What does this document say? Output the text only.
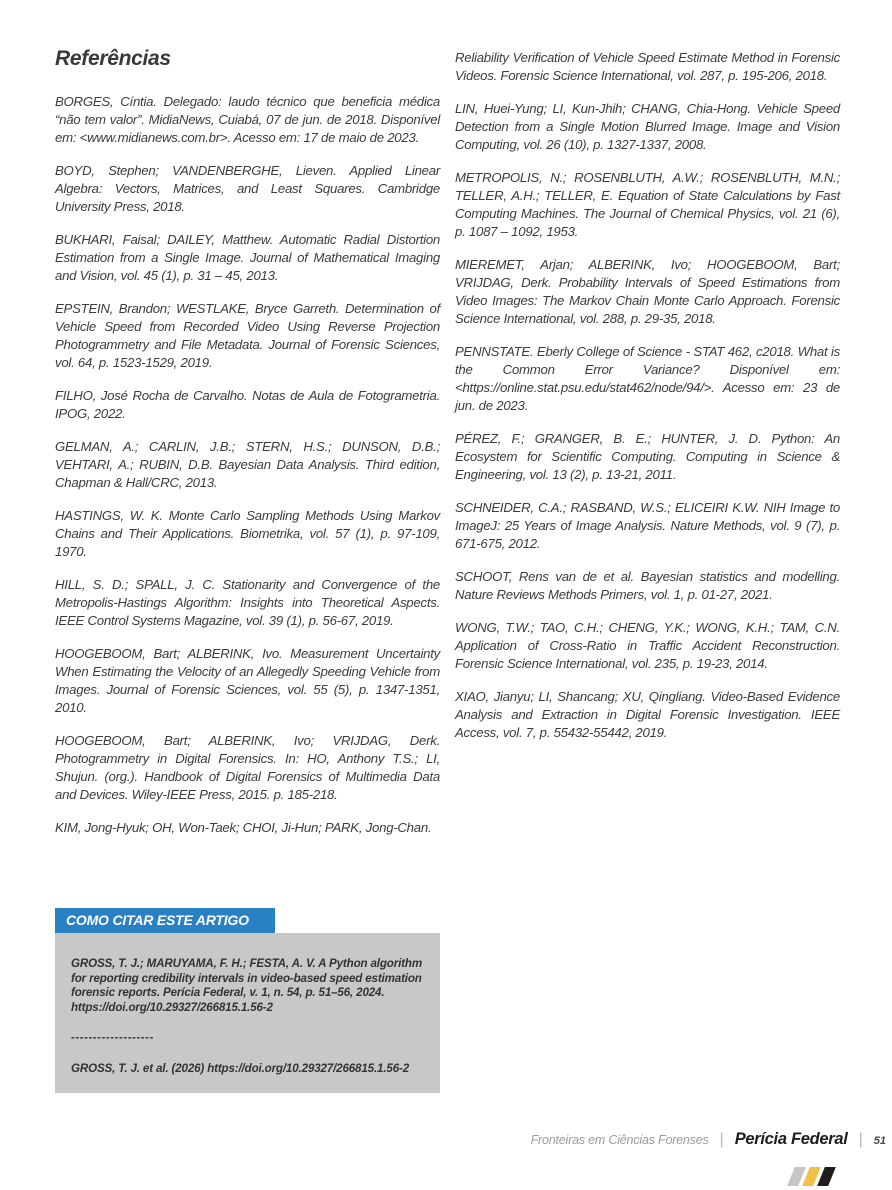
Referências

BORGES, Cíntia. Delegado: laudo técnico que beneficia médica “não tem valor”. MidiaNews, Cuiabá, 07 de jun. de 2018. Disponível em: <www.midianews.com.br>. Acesso em: 17 de maio de 2023.

BOYD, Stephen; VANDENBERGHE, Lieven. Applied Linear Algebra: Vectors, Matrices, and Least Squares. Cambridge University Press, 2018.

BUKHARI, Faisal; DAILEY, Matthew. Automatic Radial Distortion Estimation from a Single Image. Journal of Mathematical Imaging and Vision, vol. 45 (1), p. 31 – 45, 2013.

EPSTEIN, Brandon; WESTLAKE, Bryce Garreth. Determination of Vehicle Speed from Recorded Video Using Reverse Projection Photogrammetry and File Metadata. Journal of Forensic Sciences, vol. 64, p. 1523-1529, 2019.

FILHO, José Rocha de Carvalho. Notas de Aula de Fotogrametria. IPOG, 2022.

GELMAN, A.; CARLIN, J.B.; STERN, H.S.; DUNSON, D.B.; VEHTARI, A.; RUBIN, D.B. Bayesian Data Analysis. Third edition, Chapman & Hall/CRC, 2013.

HASTINGS, W. K. Monte Carlo Sampling Methods Using Markov Chains and Their Applications. Biometrika, vol. 57 (1), p. 97-109, 1970.

HILL, S. D.; SPALL, J. C. Stationarity and Convergence of the Metropolis-Hastings Algorithm: Insights into Theoretical Aspects. IEEE Control Systems Magazine, vol. 39 (1), p. 56-67, 2019.

HOOGEBOOM, Bart; ALBERINK, Ivo. Measurement Uncertainty When Estimating the Velocity of an Allegedly Speeding Vehicle from Images. Journal of Forensic Sciences, vol. 55 (5), p. 1347-1351, 2010.

HOOGEBOOM, Bart; ALBERINK, Ivo; VRIJDAG, Derk. Photogrammetry in Digital Forensics. In: HO, Anthony T.S.; LI, Shujun. (org.). Handbook of Digital Forensics of Multimedia Data and Devices. Wiley-IEEE Press, 2015. p. 185-218.

KIM, Jong-Hyuk; OH, Won-Taek; CHOI, Ji-Hun; PARK, Jong-Chan.

Reliability Verification of Vehicle Speed Estimate Method in Forensic Videos. Forensic Science International, vol. 287, p. 195-206, 2018.

LIN, Huei-Yung; LI, Kun-Jhih; CHANG, Chia-Hong. Vehicle Speed Detection from a Single Motion Blurred Image. Image and Vision Computing, vol. 26 (10), p. 1327-1337, 2008.

METROPOLIS, N.; ROSENBLUTH, A.W.; ROSENBLUTH, M.N.; TELLER, A.H.; TELLER, E. Equation of State Calculations by Fast Computing Machines. The Journal of Chemical Physics, vol. 21 (6), p. 1087 – 1092, 1953.

MIEREMET, Arjan; ALBERINK, Ivo; HOOGEBOOM, Bart; VRIJDAG, Derk. Probability Intervals of Speed Estimations from Video Images: The Markov Chain Monte Carlo Approach. Forensic Science International, vol. 288, p. 29-35, 2018.

PENNSTATE. Eberly College of Science - STAT 462, c2018. What is the Common Error Variance? Disponível em: <https://online.stat.psu.edu/stat462/node/94/>. Acesso em: 23 de jun. de 2023.

PÉREZ, F.; GRANGER, B. E.; HUNTER, J. D. Python: An Ecosystem for Scientific Computing. Computing in Science & Engineering, vol. 13 (2), p. 13-21, 2011.

SCHNEIDER, C.A.; RASBAND, W.S.; ELICEIRI K.W. NIH Image to ImageJ: 25 Years of Image Analysis. Nature Methods, vol. 9 (7), p. 671-675, 2012.

SCHOOT, Rens van de et al. Bayesian statistics and modelling. Nature Reviews Methods Primers, vol. 1, p. 01-27, 2021.

WONG, T.W.; TAO, C.H.; CHENG, Y.K.; WONG, K.H.; TAM, C.N. Application of Cross-Ratio in Traffic Accident Reconstruction. Forensic Science International, vol. 235, p. 19-23, 2014.

XIAO, Jianyu; LI, Shancang; XU, Qingliang. Video-Based Evidence Analysis and Extraction in Digital Forensic Investigation. IEEE Access, vol. 7, p. 55432-55442, 2019.

COMO CITAR ESTE ARTIGO

GROSS, T. J.; MARUYAMA, F. H.; FESTA, A. V. A Python algorithm for reporting credibility intervals in video-based speed estimation forensic reports. Perícia Federal, v. 1, n. 54, p. 51–56, 2024. https://doi.org/10.29327/266815.1.56-2

-------------------

GROSS, T. J. et al. (2026) https://doi.org/10.29327/266815.1.56-2

Fronteiras em Ciências Forenses | Perícia Federal | 51
